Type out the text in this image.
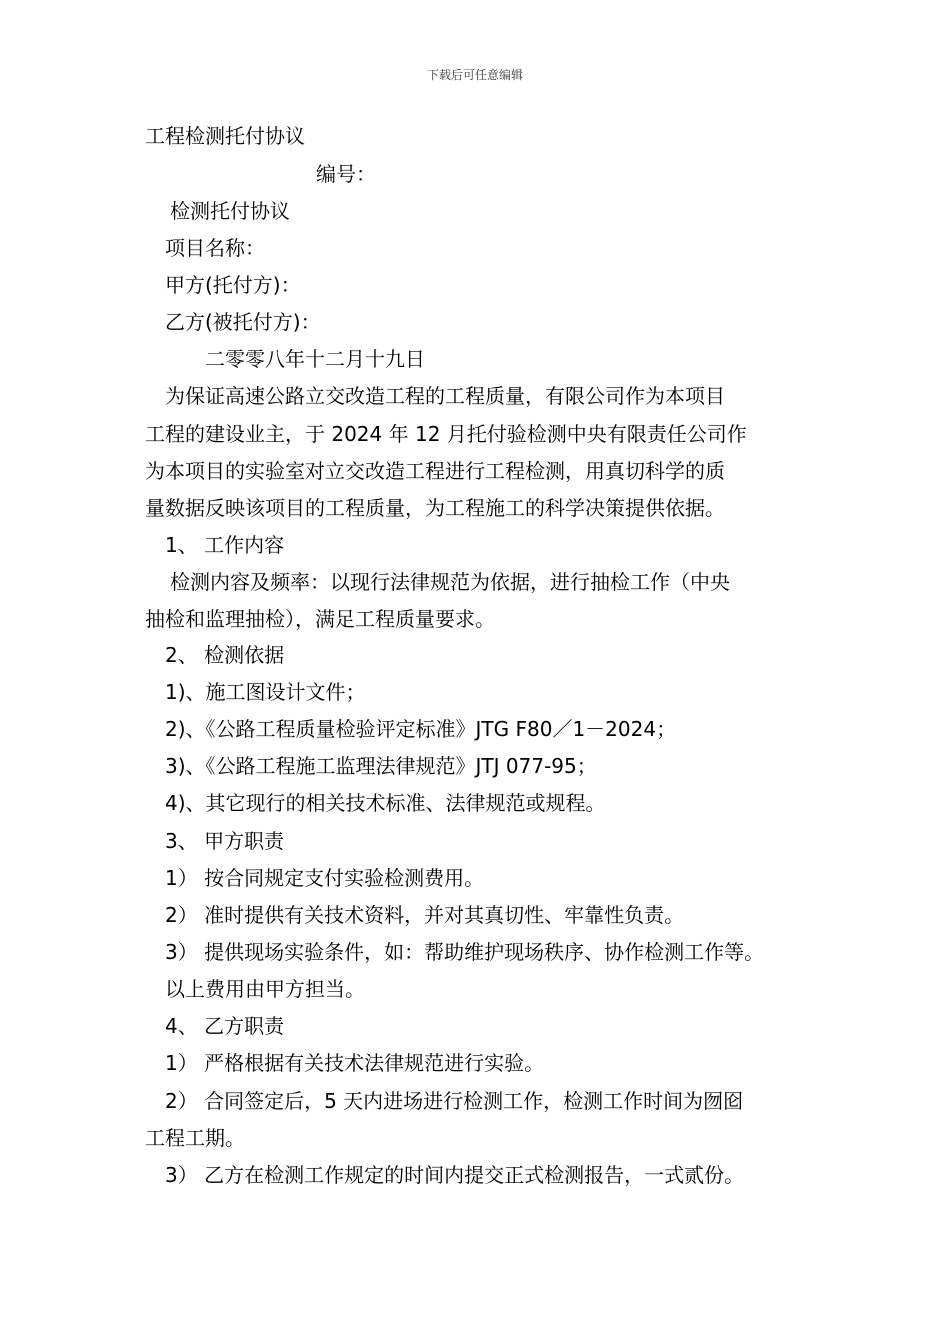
下载后可任意编辑
工程检测托付协议
编号：
检测托付协议
项目名称：
甲方(托付方)：
乙方(被托付方)：
二零零八年十二月十九日
为保证高速公路立交改造工程的工程质量，有限公司作为本项目
工程的建设业主，于 2024 年 12 月托付验检测中央有限责任公司作
为本项目的实验室对立交改造工程进行工程检测，用真切科学的质
量数据反映该项目的工程质量，为工程施工的科学决策提供依据。
1、 工作内容
检测内容及频率：以现行法律规范为依据，进行抽检工作（中央
抽检和监理抽检），满足工程质量要求。
2、 检测依据
1)、施工图设计文件；
2)、《公路工程质量检验评定标准》JTG F80／1－2024；
3)、《公路工程施工监理法律规范》JTJ 077-95；
4)、其它现行的相关技术标准、法律规范或规程。
3、 甲方职责
1） 按合同规定支付实验检测费用。
2） 准时提供有关技术资料，并对其真切性、牢靠性负责。
3） 提供现场实验条件，如：帮助维护现场秩序、协作检测工作等。
以上费用由甲方担当。
4、 乙方职责
1） 严格根据有关技术法律规范进行实验。
2） 合同签定后，5 天内进场进行检测工作，检测工作时间为囫囵
工程工期。
3） 乙方在检测工作规定的时间内提交正式检测报告，一式贰份。
